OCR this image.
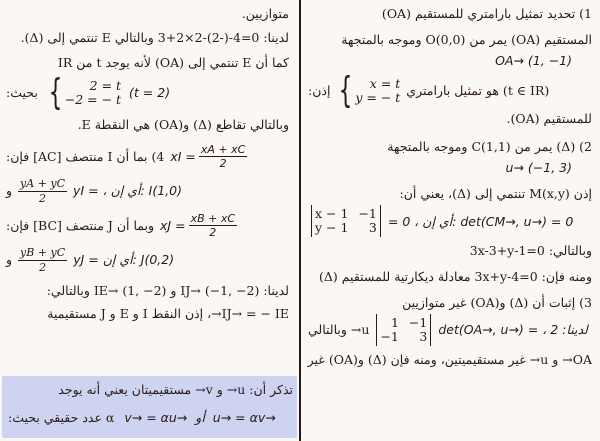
متوازيين.

لدينا: 0=4-(-2)-2×2+3 وبالتالي E تنتمي إلى (Δ).

كما أن E تنتمي إلى (OA) لأنه يوجد t من IR

(t = 2)
{	2 = t
−2 = − t
بحيث:

وبالتالي تقاطع (Δ) و(OA) هي النقطة E.

xI = $\frac{xA + xC}{2}$
4) بما أن I منتصف [AC] فإن:
yI = ، أي إن: I(1,0)
$\frac{yA + yC}{2}$
و
xJ = $\frac{xB + xC}{2}$
وبما أن J منتصف [BC] فإن:
yJ = أي إن: J(0,2)
$\frac{yB + yC}{2}$
و

لدينا: IJ→ (−1, −2) و IE→ (1, −2) وبالتالي:

IJ→ = − IE→، إذن النقط I و E و J مستقيمية

تذكر أن: u→ و v→ مستقيميتان يعني أنه يوجد

v→ = αu→ أو u→ = αv→
α عدد حقيقي بحيث:

1) تحديد تمثيل بارامتري للمستقيم (OA)

المستقيم (OA) يمر من O(0,0) وموجه بالمتجهة

OA→ (1, −1)

(t ∈ IR) هو تمثيل بارامتري
{	x = t
y = − t
إذن:

للمستقيم (OA).

2) (Δ) يمر من C(1,1) وموجه بالمتجهة

u→ (−1, 3)

إذن M(x,y) تنتمي إلى (Δ)، يعني أن:

= 0 ، أي إن: det(CM→, u→) = 0
x − 1
y − 1
−1
3

وبالتالي: 0=3x-3+y-1

ومنه فإن: 0=3x+y-4 معادلة ديكارتية للمستقيم (Δ)

3) إثبات أن (Δ) و(OA) غير متوازيين

det(OA→, u→) = ، لدينا: 2
1
−1
−1
3
u→ وبالتالي

OA→ و u→ غير مستقيميتين، ومنه فإن (Δ) و(OA) غير
